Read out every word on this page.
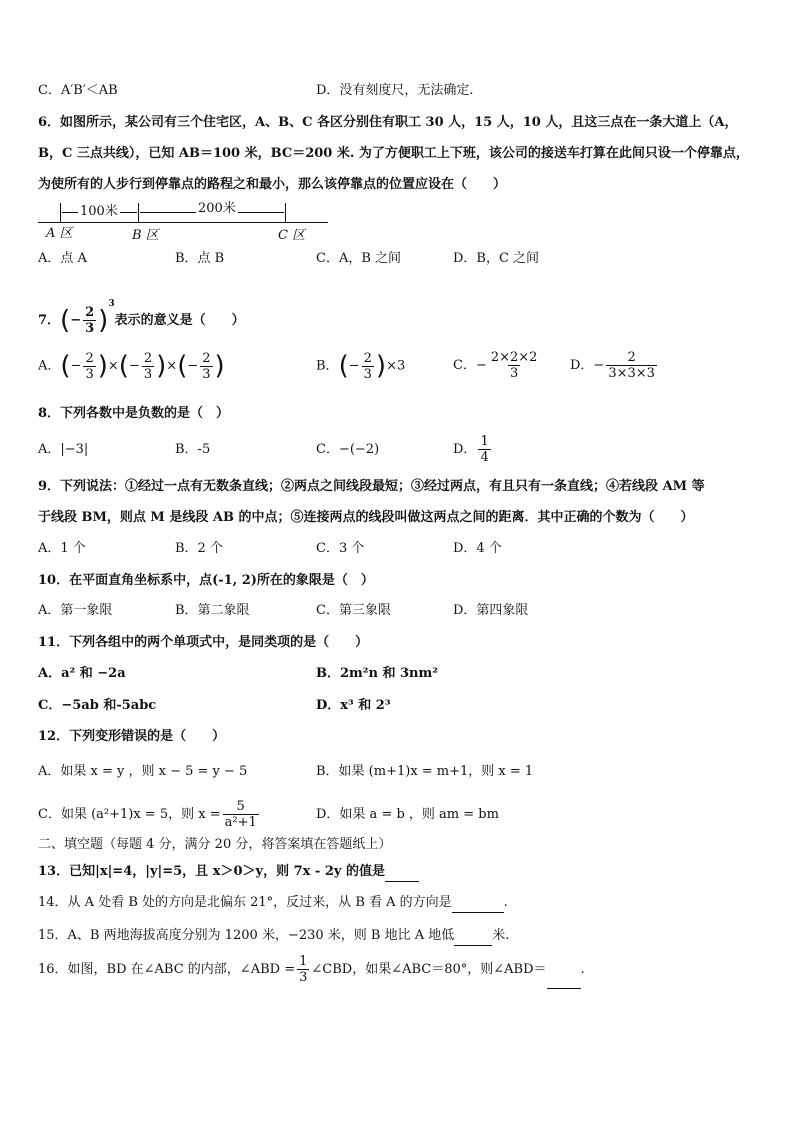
C．A′B′＜AB	D．没有刻度尺，无法确定.
6．如图所示，某公司有三个住宅区，A、B、C 各区分别住有职工 30 人，15 人，10 人，且这三点在一条大道上（A，
B，C 三点共线），已知 AB＝100 米，BC＝200 米. 为了方便职工上下班，该公司的接送车打算在此间只设一个停靠点，
为使所有的人步行到停靠点的路程之和最小，那么该停靠点的位置应设在（　　）
100米	200米
A 区	B 区	C 区
A．点 A	B．点 B	C．A，B 之间	D．B，C 之间
7．(− $\frac{2}{3} )^3$表示的意义是（　　）
A．(− $\frac{2}{3}$ )×(− $\frac{2}{3}$ )×(− $\frac{2}{3}$ )	B．(− $\frac{2}{3} )\times 3$	C．− $\frac{2\times 2\times 2}{3}$ D．− $\frac{2}{3\times 3\times 3}$
8．下列各数中是负数的是（　）
A．|−3|	B．-5	C．−(−2)	D． $\frac{1}{4}$
9．下列说法：①经过一点有无数条直线；②两点之间线段最短；③经过两点，有且只有一条直线；④若线段 AM 等
于线段 BM，则点 M 是线段 AB 的中点；⑤连接两点的线段叫做这两点之间的距离．其中正确的个数为（　　）
A．1 个	B．2 个	C．3 个	D．4 个
10．在平面直角坐标系中，点(-1, 2)所在的象限是（　）
A．第一象限	B．第二象限	C．第三象限	D．第四象限
11．下列各组中的两个单项式中，是同类项的是（　　）
A．a² 和 −2a	B．2m²n 和 3nm²
C．−5ab 和-5abc	D．x³ 和 2³
12．下列变形错误的是（　　）
A．如果 x = y ，则 x − 5 = y − 5	B．如果 (m+1)x = m+1，则 x = 1
C．如果 (a²+1)x = 5，则 $x = \frac{5}{\text{a²+1}}$	D．如果 a = b ，则 am = bm
二、填空题（每题 4 分，满分 20 分，将答案填在答题纸上）
13．已知|x|=4，|y|=5，且 x＞0＞y，则 7x - 2y 的值是
14．从 A 处看 B 处的方向是北偏东 21°，反过来，从 B 看 A 的方向是	.
15．A、B 两地海拔高度分别为 1200 米，−230 米，则 B 地比 A 地低	米.
16．如图，BD 在∠ABC 的内部，∠ABD = $\frac{1}{3}$ ∠CBD，如果∠ABC＝80°，则∠ABD＝	.
